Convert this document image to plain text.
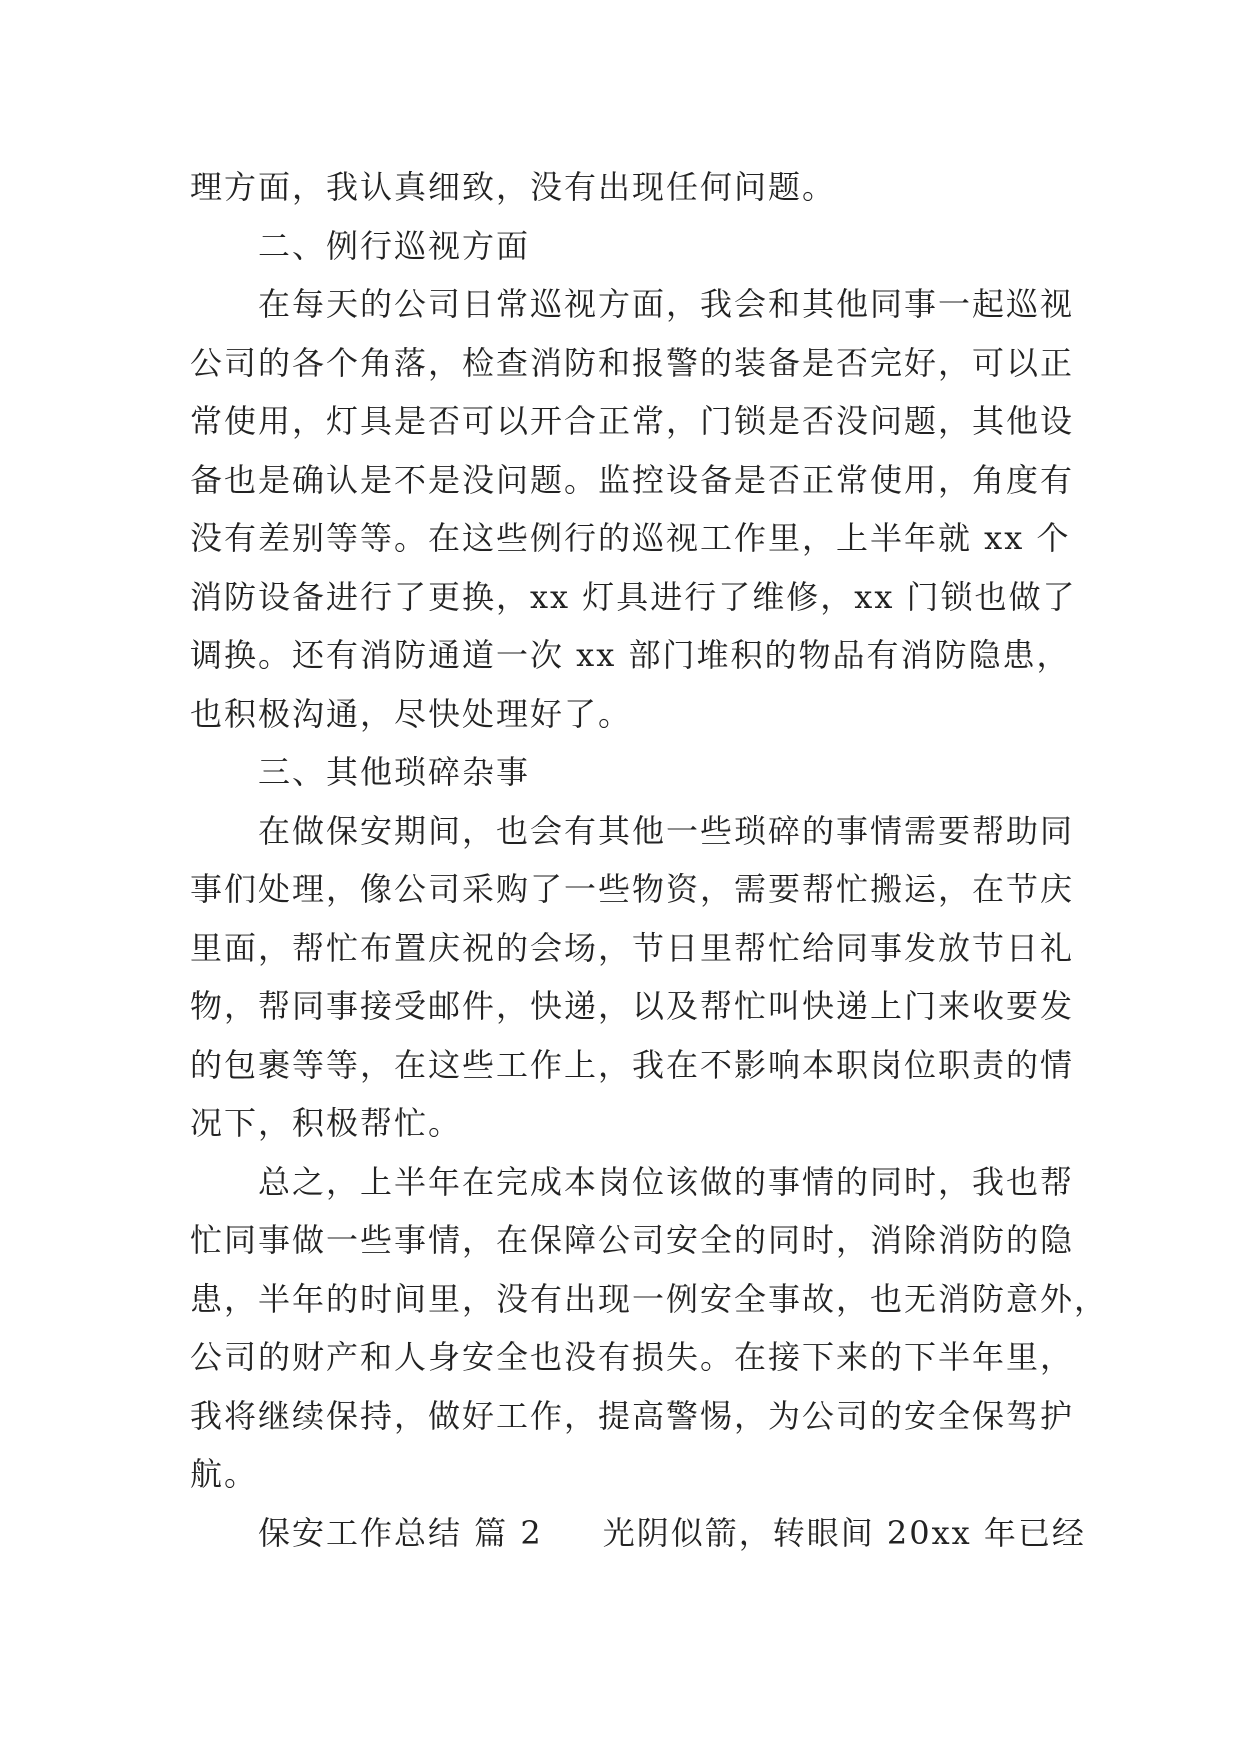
理方面，我认真细致，没有出现任何问题。
二、例行巡视方面
在每天的公司日常巡视方面，我会和其他同事一起巡视
公司的各个角落，检查消防和报警的装备是否完好，可以正
常使用，灯具是否可以开合正常，门锁是否没问题，其他设
备也是确认是不是没问题。监控设备是否正常使用，角度有
没有差别等等。在这些例行的巡视工作里，上半年就 xx 个
消防设备进行了更换，xx 灯具进行了维修，xx 门锁也做了
调换。还有消防通道一次 xx 部门堆积的物品有消防隐患，
也积极沟通，尽快处理好了。
三、其他琐碎杂事
在做保安期间，也会有其他一些琐碎的事情需要帮助同
事们处理，像公司采购了一些物资，需要帮忙搬运，在节庆
里面，帮忙布置庆祝的会场，节日里帮忙给同事发放节日礼
物，帮同事接受邮件，快递，以及帮忙叫快递上门来收要发
的包裹等等，在这些工作上，我在不影响本职岗位职责的情
况下，积极帮忙。
总之，上半年在完成本岗位该做的事情的同时，我也帮
忙同事做一些事情，在保障公司安全的同时，消除消防的隐
患，半年的时间里，没有出现一例安全事故，也无消防意外，
公司的财产和人身安全也没有损失。在接下来的下半年里，
我将继续保持，做好工作，提高警惕，为公司的安全保驾护
航。
保安工作总结 篇 2 光阴似箭，转眼间 20xx 年已经
